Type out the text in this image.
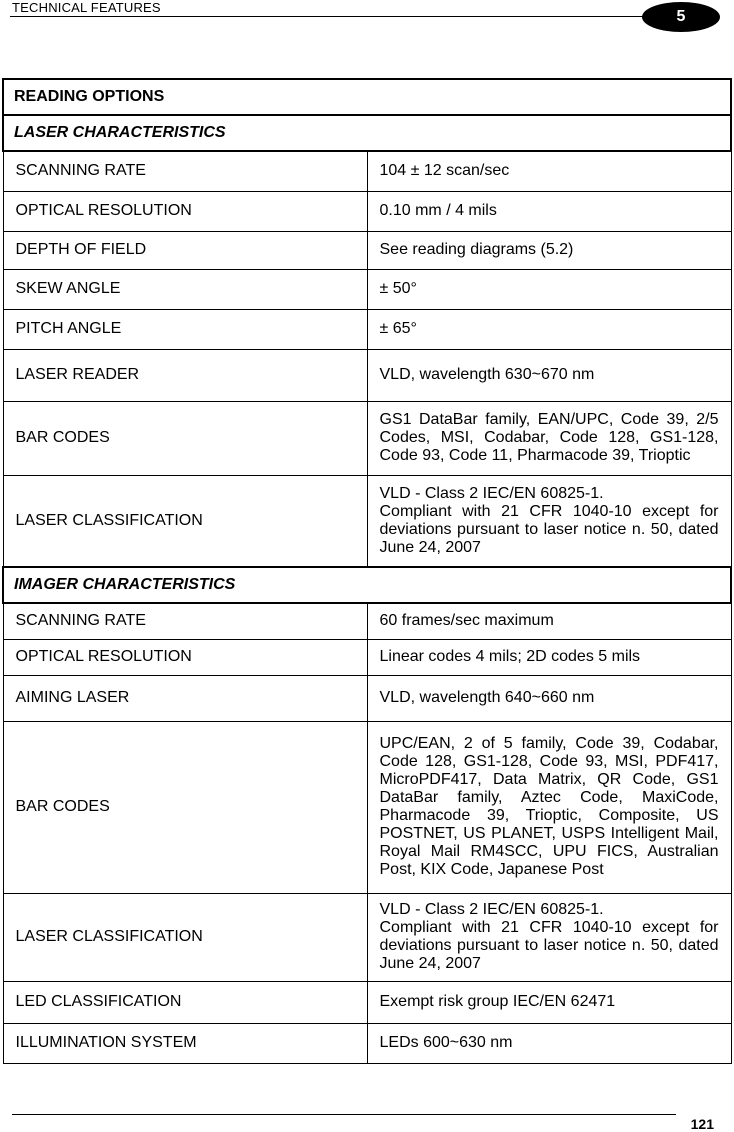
TECHNICAL FEATURES
5
READING OPTIONS	
LASER CHARACTERISTICS	
SCANNING RATE	104 ± 12 scan/sec
OPTICAL RESOLUTION	0.10 mm / 4 mils
DEPTH OF FIELD	See reading diagrams (5.2)
SKEW ANGLE	± 50°
PITCH ANGLE	± 65°
LASER READER	VLD, wavelength 630~670 nm
BAR CODES	GS1 DataBar family, EAN/UPC, Code 39, 2/5 Codes, MSI, Codabar, Code 128, GS1-128, Code 93, Code 11, Pharmacode 39, Trioptic

LASER CLASSIFICATION	VLD - Class 2 IEC/EN 60825-1.
Compliant with 21 CFR 1040-10 except for deviations pursuant to laser notice n. 50, dated June 24, 2007

IMAGER CHARACTERISTICS	
SCANNING RATE	60 frames/sec maximum
OPTICAL RESOLUTION	Linear codes 4 mils; 2D codes 5 mils
AIMING LASER	VLD, wavelength 640~660 nm
BAR CODES	UPC/EAN, 2 of 5 family, Code 39, Codabar, Code 128, GS1-128, Code 93, MSI, PDF417, MicroPDF417, Data Matrix, QR Code, GS1 DataBar family, Aztec Code, MaxiCode, Pharmacode 39, Trioptic, Composite, US POSTNET, US PLANET, USPS Intelligent Mail, Royal Mail RM4SCC, UPU FICS, Australian Post, KIX Code, Japanese Post

LASER CLASSIFICATION	VLD - Class 2 IEC/EN 60825-1.
Compliant with 21 CFR 1040-10 except for deviations pursuant to laser notice n. 50, dated June 24, 2007

LED CLASSIFICATION	Exempt risk group IEC/EN 62471
ILLUMINATION SYSTEM	LEDs 600~630 nm
121
